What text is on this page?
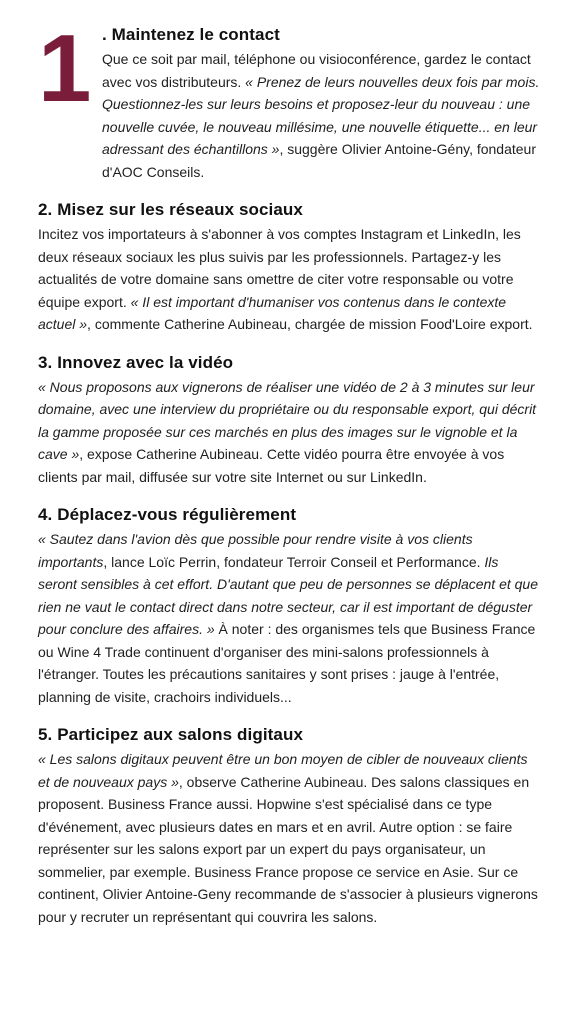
1 . Maintenez le contact

Que ce soit par mail, téléphone ou visioconférence, gardez le contact avec vos distributeurs. « Prenez de leurs nouvelles deux fois par mois. Questionnez-les sur leurs besoins et proposez-leur du nouveau : une nouvelle cuvée, le nouveau millésime, une nouvelle étiquette... en leur adressant des échantillons », suggère Olivier Antoine-Gény, fondateur d'AOC Conseils.

2. Misez sur les réseaux sociaux

Incitez vos importateurs à s'abonner à vos comptes Instagram et LinkedIn, les deux réseaux sociaux les plus suivis par les professionnels. Partagez-y les actualités de votre domaine sans omettre de citer votre responsable ou votre équipe export. « Il est important d'humaniser vos contenus dans le contexte actuel », commente Catherine Aubineau, chargée de mission Food'Loire export.

3. Innovez avec la vidéo

« Nous proposons aux vignerons de réaliser une vidéo de 2 à 3 minutes sur leur domaine, avec une interview du propriétaire ou du responsable export, qui décrit la gamme proposée sur ces marchés en plus des images sur le vignoble et la cave », expose Catherine Aubineau. Cette vidéo pourra être envoyée à vos clients par mail, diffusée sur votre site Internet ou sur LinkedIn.

4. Déplacez-vous régulièrement

« Sautez dans l'avion dès que possible pour rendre visite à vos clients importants, lance Loïc Perrin, fondateur Terroir Conseil et Performance. Ils seront sensibles à cet effort. D'autant que peu de personnes se déplacent et que rien ne vaut le contact direct dans notre secteur, car il est important de déguster pour conclure des affaires. » À noter : des organismes tels que Business France ou Wine 4 Trade continuent d'organiser des mini-salons professionnels à l'étranger. Toutes les précautions sanitaires y sont prises : jauge à l'entrée, planning de visite, crachoirs individuels...

5. Participez aux salons digitaux

« Les salons digitaux peuvent être un bon moyen de cibler de nouveaux clients et de nouveaux pays », observe Catherine Aubineau. Des salons classiques en proposent. Business France aussi. Hopwine s'est spécialisé dans ce type d'événement, avec plusieurs dates en mars et en avril. Autre option : se faire représenter sur les salons export par un expert du pays organisateur, un sommelier, par exemple. Business France propose ce service en Asie. Sur ce continent, Olivier Antoine-Geny recommande de s'associer à plusieurs vignerons pour y recruter un représentant qui couvrira les salons.
